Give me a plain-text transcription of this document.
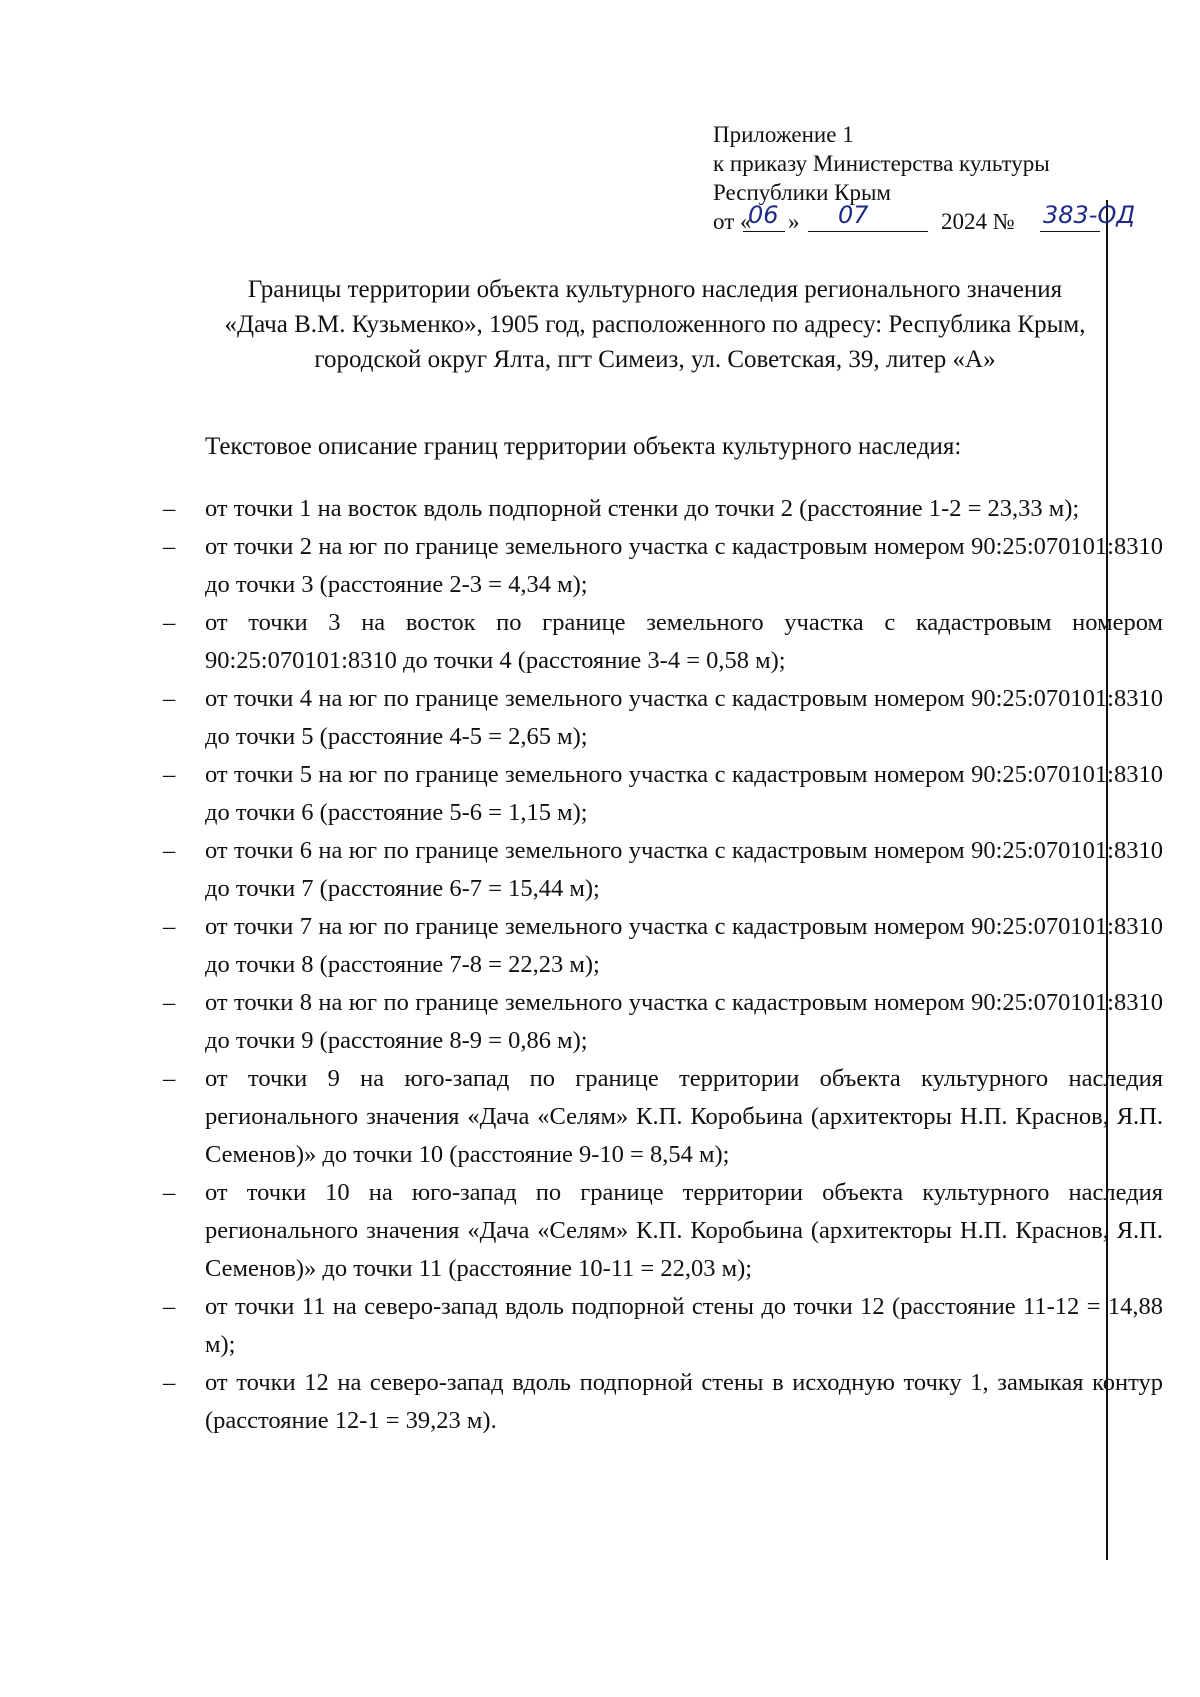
Приложение 1
к приказу Министерства культуры
Республики Крым
от «
06 » 07	2024 № 383-ОД
Границы территории объекта культурного наследия регионального значения
«Дача В.М. Кузьменко», 1905 год, расположенного по адресу: Республика Крым,
городской округ Ялта, пгт Симеиз, ул. Советская, 39, литер «А»
Текстовое описание границ территории объекта культурного наследия:
– от точки 1 на восток вдоль подпорной стенки до точки 2 (расстояние 1-2 = 23,33 м);
– от точки 2 на юг по границе земельного участка с кадастровым номером 90:25:070101:8310 до точки 3 (расстояние 2-3 = 4,34 м);
– от точки 3 на восток по границе земельного участка с кадастровым номером 90:25:070101:8310 до точки 4 (расстояние 3-4 = 0,58 м);
– от точки 4 на юг по границе земельного участка с кадастровым номером 90:25:070101:8310 до точки 5 (расстояние 4-5 = 2,65 м);
– от точки 5 на юг по границе земельного участка с кадастровым номером 90:25:070101:8310 до точки 6 (расстояние 5-6 = 1,15 м);
– от точки 6 на юг по границе земельного участка с кадастровым номером 90:25:070101:8310 до точки 7 (расстояние 6-7 = 15,44 м);
– от точки 7 на юг по границе земельного участка с кадастровым номером 90:25:070101:8310 до точки 8 (расстояние 7-8 = 22,23 м);
– от точки 8 на юг по границе земельного участка с кадастровым номером 90:25:070101:8310 до точки 9 (расстояние 8-9 = 0,86 м);
– от точки 9 на юго-запад по границе территории объекта культурного наследия регионального значения «Дача «Селям» К.П. Коробьина (архитекторы Н.П. Краснов, Я.П. Семенов)» до точки 10 (расстояние 9-10 = 8,54 м);
– от точки 10 на юго-запад по границе территории объекта культурного наследия регионального значения «Дача «Селям» К.П. Коробьина (архитекторы Н.П. Краснов, Я.П. Семенов)» до точки 11 (расстояние 10-11 = 22,03 м);
– от точки 11 на северо-запад вдоль подпорной стены до точки 12 (расстояние 11-12 = 14,88 м);
– от точки 12 на северо-запад вдоль подпорной стены в исходную точку 1, замыкая контур (расстояние 12-1 = 39,23 м).
